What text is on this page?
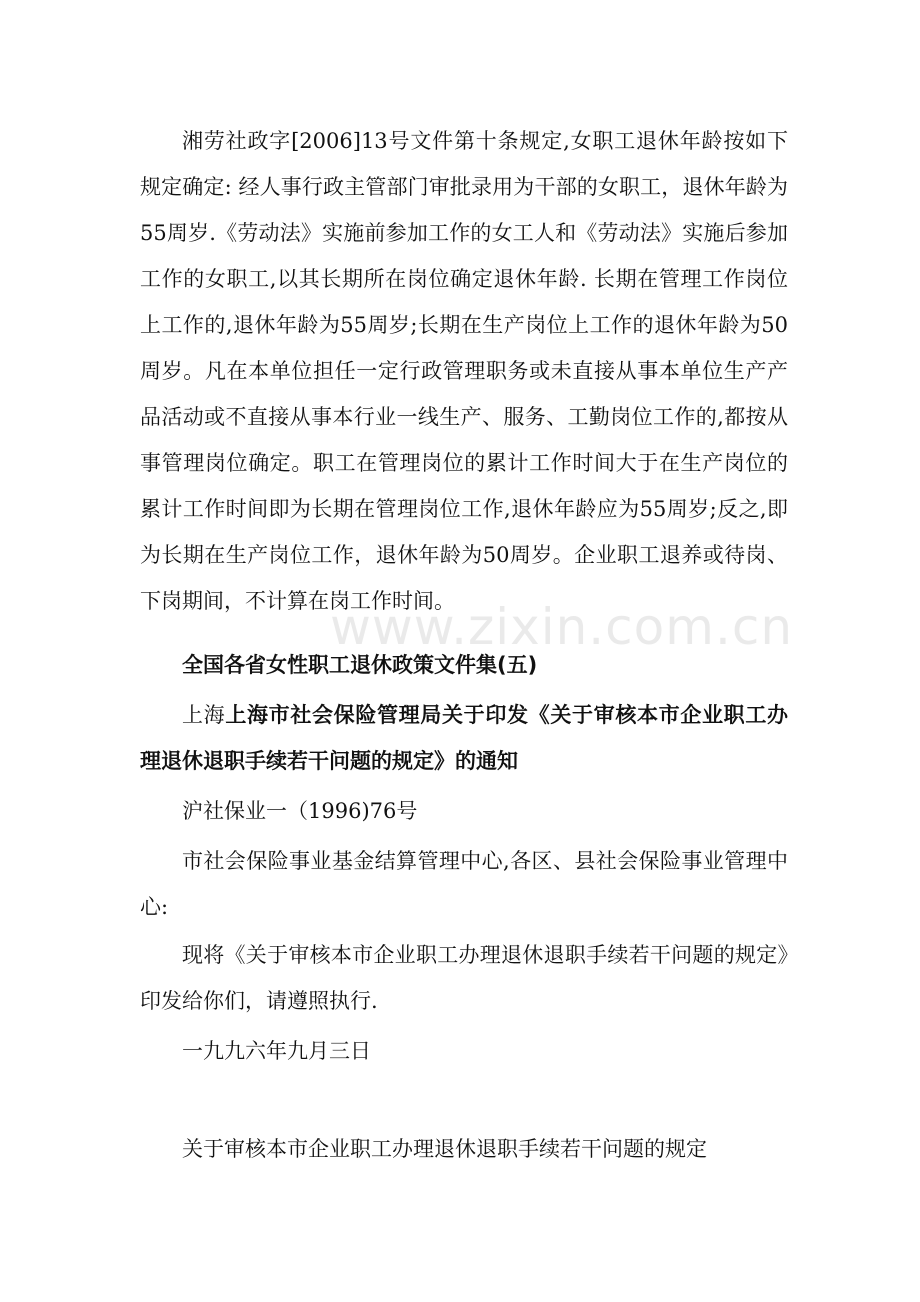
湘劳社政字[2006]13号文件第十条规定,女职工退休年龄按如下规定确定: 经人事行政主管部门审批录用为干部的女职工，退休年龄为55周岁.《劳动法》实施前参加工作的女工人和《劳动法》实施后参加工作的女职工,以其长期所在岗位确定退休年龄. 长期在管理工作岗位上工作的,退休年龄为55周岁;长期在生产岗位上工作的退休年龄为50周岁。凡在本单位担任一定行政管理职务或未直接从事本单位生产产品活动或不直接从事本行业一线生产、服务、工勤岗位工作的,都按从事管理岗位确定。职工在管理岗位的累计工作时间大于在生产岗位的累计工作时间即为长期在管理岗位工作,退休年龄应为55周岁;反之,即为长期在生产岗位工作，退休年龄为50周岁。企业职工退养或待岗、下岗期间，不计算在岗工作时间。

全国各省女性职工退休政策文件集(五)

上海上海市社会保险管理局关于印发《关于审核本市企业职工办理退休退职手续若干问题的规定》的通知

沪社保业一（1996)76号

市社会保险事业基金结算管理中心,各区、县社会保险事业管理中心:

现将《关于审核本市企业职工办理退休退职手续若干问题的规定》印发给你们，请遵照执行.

一九九六年九月三日

关于审核本市企业职工办理退休退职手续若干问题的规定

www.zixin.com.cn
